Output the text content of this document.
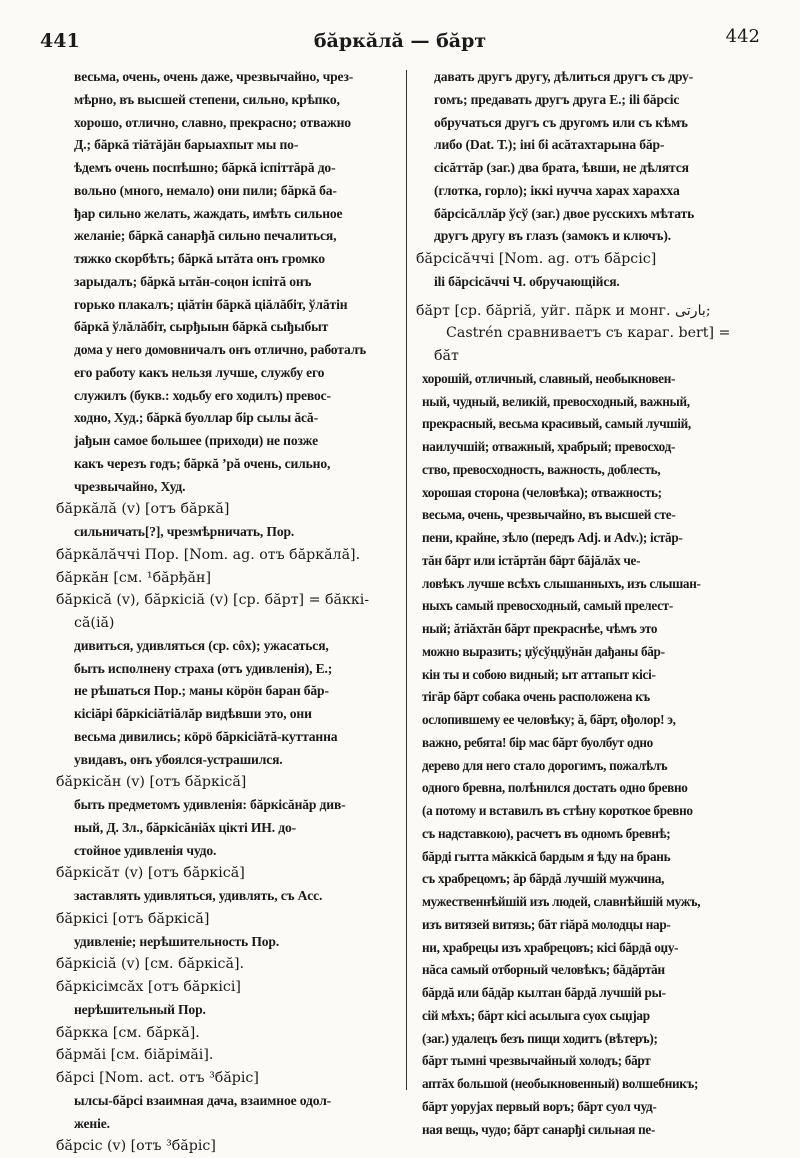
441	бăркăлă — бăрт	442
весьма, очень, очень даже, чрезвычайно, чрез-
мѣрно, въ высшей степени, сильно, крѣпко,
хорошо, отлично, славно, прекрасно; отважно
Д.; бăркă тіăтăjăн барыахпыт мы по-
ѣдемъ очень поспѣшно; бăркă іспіттăрă до-
вольно (много, немало) они пили; бăркă ба-
ђар сильно желать, жаждать, имѣть сильное
желаніе; бăркă санарђă сильно печалиться,
тяжко скорбѣть; бăркă ытăта онъ громко
зарыдалъ; бăркă ытăн-соңон іспітă онъ
горько плакалъ; ціăтін бăркă ціăлăбіт, ўлăтін
бăркă ўлăлăбіт, сырђыын бăркă сыђыбыт
дома у него домовничалъ онъ отлично, работалъ
его работу какъ нельзя лучше, службу его
служилъ (букв.: ходьбу его ходилъ) превос-
ходно, Худ.; бăркă буоллар бір сылы ăсă-
јађын самое большее (приходи) не позже
какъ черезъ годъ; бăркă ’рă очень, сильно,
чрезвычайно, Худ.
бăркăлă (v) [отъ бăркă]
сильничать[?], чрезмѣрничать, Пор.
бăркăлăччі Пор. [Nom. ag. отъ бăркăлă].
бăркăн [см. ¹бăрђăн]
бăркісă (v), бăркісіă (v) [ср. бăрт] = бăккі-
сă(іă)
дивиться, удивляться (ср. сôх); ужасаться,
быть исполнену страха (отъ удивленія), Е.;
не рѣшаться Пор.; маны кӧрӧн баран бăр-
кісіăрі бăркісіăтіăлăр видѣвши это, они
весьма дивились; кӧрӧ бăркісіăтă-куттанна
увидавъ, онъ убоялся-устрашился.
бăркісăн (v) [отъ бăркісă]
быть предметомъ удивленія: бăркісăнăр див-
ный, Д. Зл., бăркісăніăх ціктi ИН. до-
стойное удивленія чудо.
бăркісăт (v) [отъ бăркісă]
заставлять удивляться, удивлять, съ Acc.
бăркісі [отъ бăркісă]
удивленіе; нерѣшительность Пор.
бăркісіă (v) [см. бăркісă].
бăркісімсăх [отъ бăркісі]
нерѣшительный Пор.
бăркка [см. бăркă].
бăрмăі [см. біăрімăі].
бăрсі [Nom. act. отъ ³бăріс]
ылсы-бăрсі взаимная дача, взаимное одол-
женіе.
бăрсіс (v) [отъ ³бăріс]
давать другъ другу, дѣлиться другъ съ дру-
гомъ; предавать другъ друга Е.; іlі бăрсіс
обручаться другъ съ другомъ или съ кѣмъ
либо (Dat. Т.); іні бі асăтахтарына бăр-
сісăттăр (заг.) два брата, ѣвши, не дѣлятся
(глотка, горло); іккі нуччa харах хараххa
бăрсісăллăр ўсў (заг.) двое русскихъ мѣтать
другъ другу въ глазъ (замокъ и ключъ).
бăрсісăччі [Nom. ag. отъ бăрсіс]
іlі бăрсісăччі Ч. обручающійся.
бăрт [ср. бăрrіă, уйг. пăрк и монг. بارتى;
Castrén сравниваетъ съ караг. bert] =
бăт
хорошій, отличный, славный, необыкновен-
ный, чудный, великій, превосходный, важный,
прекрасный, весьма красивый, самый лучшій,
наилучшій; отважный, храбрый; превосход-
ство, превосходность, важность, доблесть,
хорошая сторона (человѣка); отважность;
весьма, очень, чрезвычайно, въ высшей сте-
пени, крайне, зѣло (передъ Adj. и Adv.); істăр-
тăн бăрт или істăртăн бăрт бăjăлăх че-
ловѣкъ лучше всѣхъ слышанныхъ, изъ слышан-
ныхъ самый превосходный, самый прелест-
ный; ăтіăхтăн бăрт прекраснѣе, чѣмъ это
можно выразить; џўсўңџўнăн дађаны бăр-
кін ты и собою видный; ыт аттапыт кісі-
тігăр бăрт собака очень расположена къ
ослопившему ее человѣку; ă, бăрт, ођолор! э,
важно, ребята! бір мас бăрт буолбут одно
дерево для него стало дорогимъ, пожалѣлъ
одного бревна, полѣнился достать одно бревно
(а потому и вставилъ въ стѣну короткое бревно
съ надставкою), расчетъ въ одномъ бревнѣ;
бăрдi гытта мăккісă бардым я ѣду на брань
съ храбрецомъ; ăр бăрдă лучшій мужчина,
мужественнѣйшій изъ людей, славнѣйшій мужъ,
изъ витязей витязь; бăт гіăрă молодцы нар-
ни, храбрецы изъ храбрецовъ; кісі бăрдă оџу-
нăса самый отборный человѣкъ; бăдăртăн
бăрдă или бăдăр кылтан бăрдă лучшій ры-
сій мѣхъ; бăрт кісі асылыга суох сыџjар
(заг.) удалецъ безъ пищи ходитъ (вѣтеръ);
бăрт тымнi чрезвычайный холодъ; бăрт
аптăх большой (необыкновенный) волшебникъ;
бăрт уоруjах первый воръ; бăрт суол чуд-
ная вещь, чудо; бăрт санарђi сильная пе-
